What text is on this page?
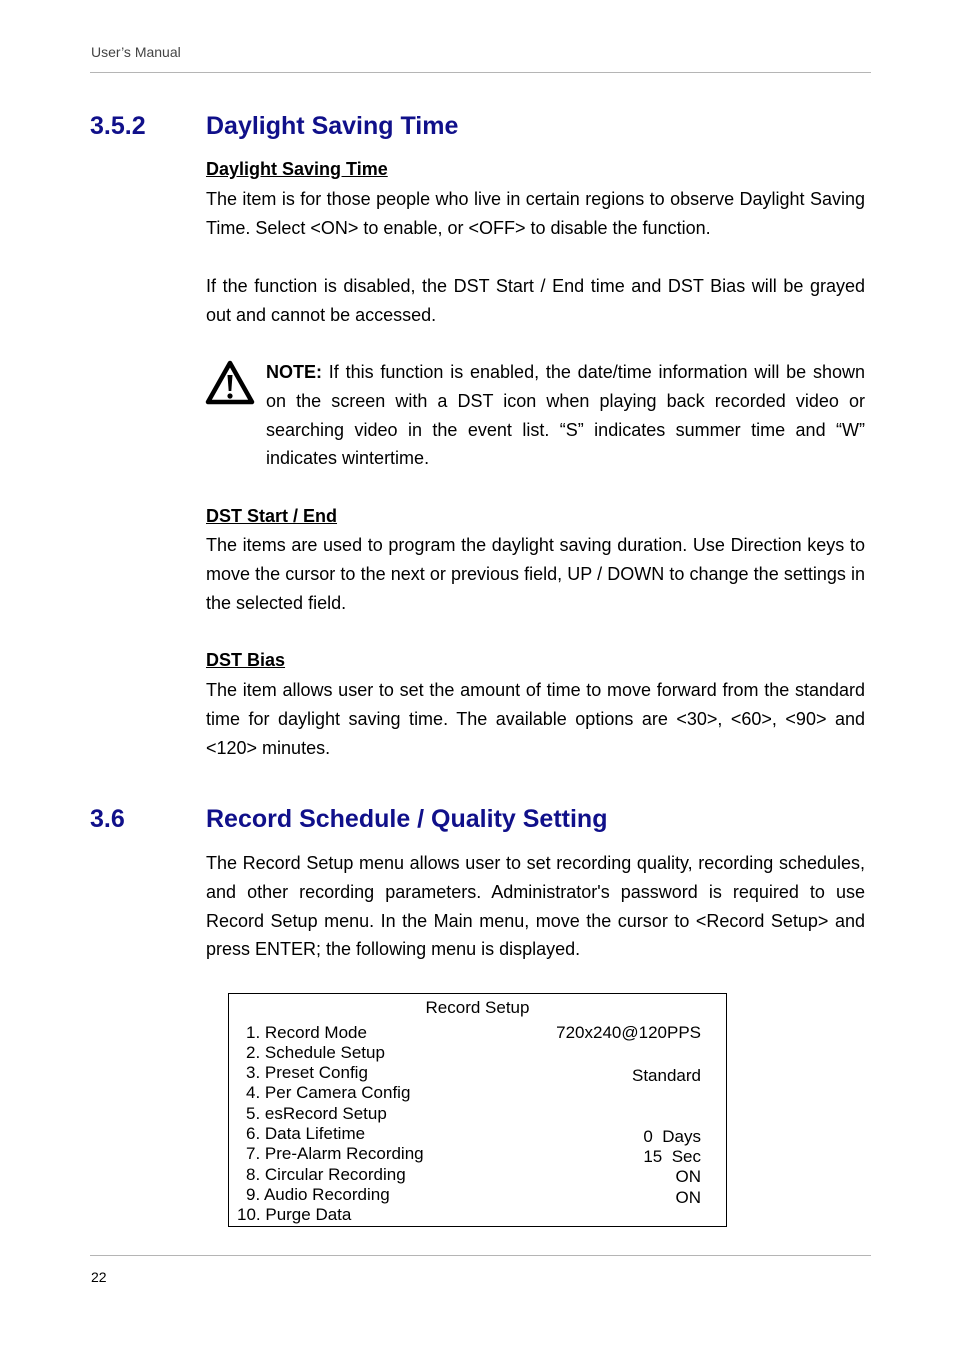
User’s Manual
3.5.2 Daylight Saving Time
Daylight Saving Time

The item is for those people who live in certain regions to observe Daylight Saving Time. Select <ON> to enable, or <OFF> to disable the function.

If the function is disabled, the DST Start / End time and DST Bias will be grayed out and cannot be accessed.

NOTE: If this function is enabled, the date/time information will be shown on the screen with a DST icon when playing back recorded video or searching video in the event list. “S” indicates summer time and “W” indicates wintertime.

DST Start / End

The items are used to program the daylight saving duration. Use Direction keys to move the cursor to the next or previous field, UP / DOWN to change the settings in the selected field.

DST Bias

The item allows user to set the amount of time to move forward from the standard time for daylight saving time. The available options are <30>, <60>, <90> and <120> minutes.

3.6	Record Schedule / Quality Setting

The Record Setup menu allows user to set recording quality, recording schedules, and other recording parameters. Administrator's password is required to use Record Setup menu. In the Main menu, move the cursor to <Record Setup> and press ENTER; the following menu is displayed.

Record Setup
1. Record Mode
2. Schedule Setup
3. Preset Config
4. Per Camera Config
5. esRecord Setup
6. Data Lifetime
7. Pre-Alarm Recording
8. Circular Recording
9. Audio Recording
10. Purge Data
720x240@120PPS
Standard
0  Days
15  Sec
ON
ON
22
